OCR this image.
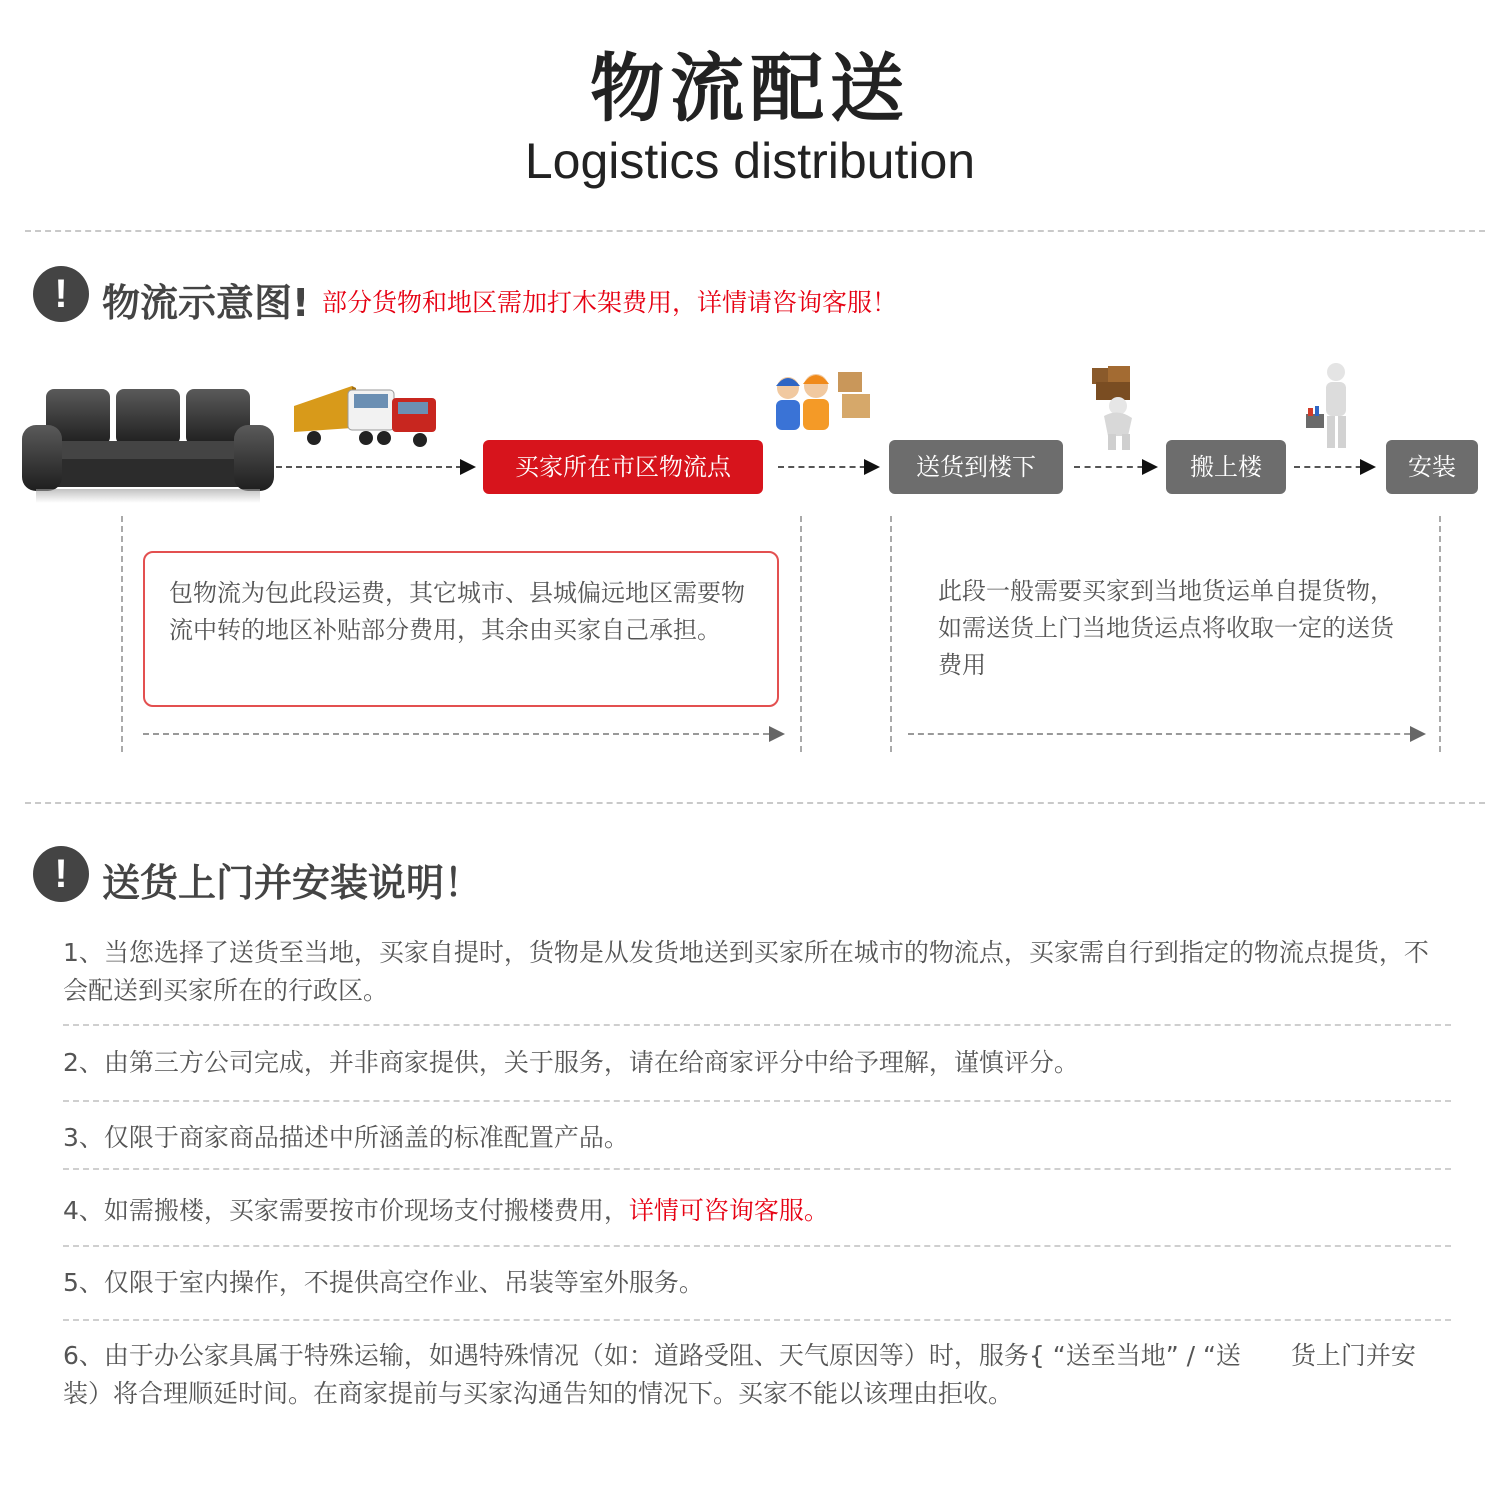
物流配送
Logistics distribution
! 物流示意图! 部分货物和地区需加打木架费用，详情请咨询客服！
买家所在市区物流点	送货到楼下	搬上楼	安装
包物流为包此段运费，其它城市、县城偏远地区需要物流中转的地区补贴部分费用，其余由买家自己承担。
此段一般需要买家到当地货运单自提货物，如需送货上门当地货运点将收取一定的送货费用
! 送货上门并安装说明！
1、当您选择了送货至当地，买家自提时，货物是从发货地送到买家所在城市的物流点，买家需自行到指定的物流点提货，不会配送到买家所在的行政区。
2、由第三方公司完成，并非商家提供，关于服务，请在给商家评分中给予理解，谨慎评分。
3、仅限于商家商品描述中所涵盖的标准配置产品。
4、如需搬楼，买家需要按市价现场支付搬楼费用，详情可咨询客服。
5、仅限于室内操作，不提供高空作业、吊装等室外服务。
6、由于办公家具属于特殊运输，如遇特殊情况（如：道路受阻、天气原因等）时，服务{ “送至当地” / “送　　货上门并安装）将合理顺延时间。在商家提前与买家沟通告知的情况下。买家不能以该理由拒收。
